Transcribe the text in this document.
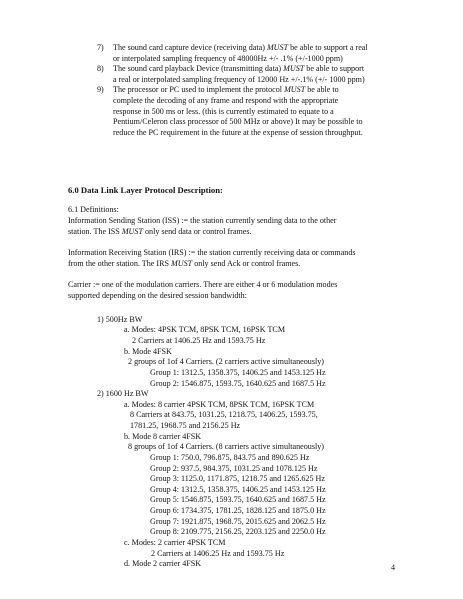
7) The sound card capture device (receiving data) MUST be able to support a real
or interpolated sampling frequency of 48000Hz +/- .1% (+/-1000 ppm)
8) The sound card playback Device (transmitting data) MUST be able to support
a real or interpolated sampling frequency of 12000 Hz +/-.1% (+/- 1000 ppm)
9) The processor or PC used to implement the protocol MUST be able to
complete the decoding of any frame and respond with the appropriate
response in 500 ms or less. (this is currently estimated to equate to a
Pentium/Celeron class processor of 500 MHz or above) It may be possible to
reduce the PC requirement in the future at the expense of session throughput.
6.0 Data Link Layer Protocol Description:
6.1 Definitions:
Information Sending Station (ISS) := the station currently sending data to the other
station. The ISS MUST only send data or control frames.
Information Receiving Station (IRS) := the station currently receiving data or commands
from the other station. The IRS MUST only send Ack or control frames.
Carrier := one of the modulation carriers. There are either 4 or 6 modulation modes
supported depending on the desired session bandwidth:
1) 500Hz BW
a. Modes: 4PSK TCM, 8PSK TCM, 16PSK TCM
2 Carriers at 1406.25 Hz and 1593.75 Hz
b. Mode 4FSK
2 groups of 1of 4 Carriers. (2 carriers active simultaneously)
Group 1: 1312.5, 1358.375, 1406.25 and 1453.125 Hz
Group 2: 1546.875, 1593.75, 1640.625 and 1687.5 Hz
2) 1600 Hz BW
a. Modes: 8 carrier 4PSK TCM, 8PSK TCM, 16PSK TCM
8 Carriers at 843.75, 1031.25, 1218.75, 1406.25, 1593.75,
1781.25, 1968.75 and 2156.25 Hz
b. Mode 8 carrier 4FSK
8 groups of 1of 4 Carriers. (8 carriers active simultaneously)
Group 1: 750.0, 796.875, 843.75 and 890.625 Hz
Group 2: 937.5, 984.375, 1031.25 and 1078.125 Hz
Group 3: 1125.0, 1171.875, 1218.75 and 1265.625 Hz
Group 4: 1312.5, 1358.375, 1406.25 and 1453.125 Hz
Group 5: 1546.875, 1593.75, 1640.625 and 1687.5 Hz
Group 6: 1734.375, 1781.25, 1828.125 and 1875.0 Hz
Group 7: 1921.875, 1968.75, 2015.625 and 2062.5 Hz
Group 8: 2109.775, 2156.25, 2203.125 and 2250.0 Hz
c. Modes: 2 carrier 4PSK TCM
2 Carriers at 1406.25 Hz and 1593.75 Hz
d. Mode 2 carrier 4FSK	4
